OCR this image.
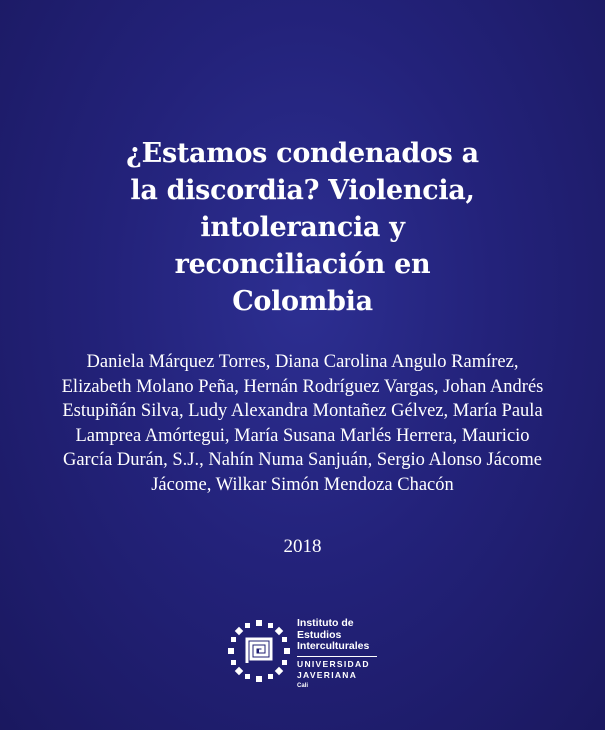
¿Estamos condenados a
la discordia? Violencia,
intolerancia y
reconciliación en
Colombia

Daniela Márquez Torres, Diana Carolina Angulo Ramírez,
Elizabeth Molano Peña, Hernán Rodríguez Vargas, Johan Andrés
Estupiñán Silva, Ludy Alexandra Montañez Gélvez, María Paula
Lamprea Amórtegui, María Susana Marlés Herrera, Mauricio
García Durán, S.J., Nahín Numa Sanjuán, Sergio Alonso Jácome
Jácome, Wilkar Simón Mendoza Chacón

2018

Instituto de
Estudios
Interculturales
UNIVERSIDAD
JAVERIANA
Cali
